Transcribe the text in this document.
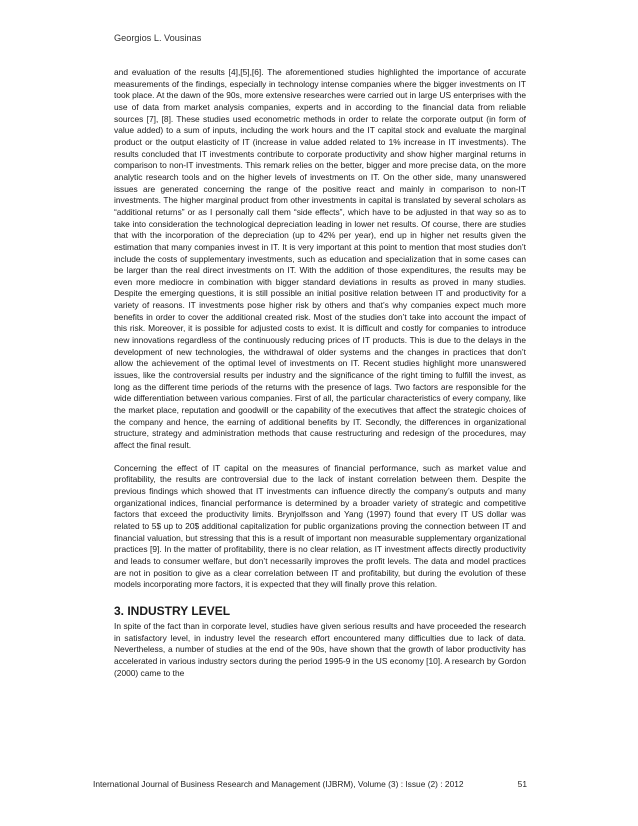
Georgios L. Vousinas

and evaluation of the results [4],[5],[6]. The aforementioned studies highlighted the importance of accurate measurements of the findings, especially in technology intense companies where the bigger investments on IT took place. At the dawn of the 90s, more extensive researches were carried out in large US enterprises with the use of data from market analysis companies, experts and in according to the financial data from reliable sources [7], [8]. These studies used econometric methods in order to relate the corporate output (in form of value added) to a sum of inputs, including the work hours and the IT capital stock and evaluate the marginal product or the output elasticity of IT (increase in value added related to 1% increase in IT investments). The results concluded that IT investments contribute to corporate productivity and show higher marginal returns in comparison to non-IT investments. This remark relies on the better, bigger and more precise data, on the more analytic research tools and on the higher levels of investments on IT. On the other side, many unanswered issues are generated concerning the range of the positive react and mainly in comparison to non-IT investments. The higher marginal product from other investments in capital is translated by several scholars as “additional returns” or as I personally call them “side effects”, which have to be adjusted in that way so as to take into consideration the technological depreciation leading in lower net results. Of course, there are studies that with the incorporation of the depreciation (up to 42% per year), end up in higher net results given the estimation that many companies invest in IT. It is very important at this point to mention that most studies don’t include the costs of supplementary investments, such as education and specialization that in some cases can be larger than the real direct investments on IT. With the addition of those expenditures, the results may be even more mediocre in combination with bigger standard deviations in results as proved in many studies. Despite the emerging questions, it is still possible an initial positive relation between IT and productivity for a variety of reasons. IT investments pose higher risk by others and that’s why companies expect much more benefits in order to cover the additional created risk. Most of the studies don’t take into account the impact of this risk. Moreover, it is possible for adjusted costs to exist. It is difficult and costly for companies to introduce new innovations regardless of the continuously reducing prices of IT products. This is due to the delays in the development of new technologies, the withdrawal of older systems and the changes in practices that don’t allow the achievement of the optimal level of investments on IT. Recent studies highlight more unanswered issues, like the controversial results per industry and the significance of the right timing to fulfill the invest, as long as the different time periods of the returns with the presence of lags. Two factors are responsible for the wide differentiation between various companies. First of all, the particular characteristics of every company, like the market place, reputation and goodwill or the capability of the executives that affect the strategic choices of the company and hence, the earning of additional benefits by IT. Secondly, the differences in organizational structure, strategy and administration methods that cause restructuring and redesign of the procedures, may affect the final result.

Concerning the effect of IT capital on the measures of financial performance, such as market value and profitability, the results are controversial due to the lack of instant correlation between them. Despite the previous findings which showed that IT investments can influence directly the company’s outputs and many organizational indices, financial performance is determined by a broader variety of strategic and competitive factors that exceed the productivity limits. Brynjolfsson and Yang (1997) found that every IT US dollar was related to 5$ up to 20$ additional capitalization for public organizations proving the connection between IT and financial valuation, but stressing that this is a result of important non measurable supplementary organizational practices [9]. In the matter of profitability, there is no clear relation, as IT investment affects directly productivity and leads to consumer welfare, but don’t necessarily improves the profit levels. The data and model practices are not in position to give as a clear correlation between IT and profitability, but during the evolution of these models incorporating more factors, it is expected that they will finally prove this relation.

3. INDUSTRY LEVEL

In spite of the fact than in corporate level, studies have given serious results and have proceeded the research in satisfactory level, in industry level the research effort encountered many difficulties due to lack of data. Nevertheless, a number of studies at the end of the 90s, have shown that the growth of labor productivity has accelerated in various industry sectors during the period 1995-9 in the US economy [10]. A research by Gordon (2000) came to the

International Journal of Business Research and Management (IJBRM), Volume (3) : Issue (2) : 2012	51
